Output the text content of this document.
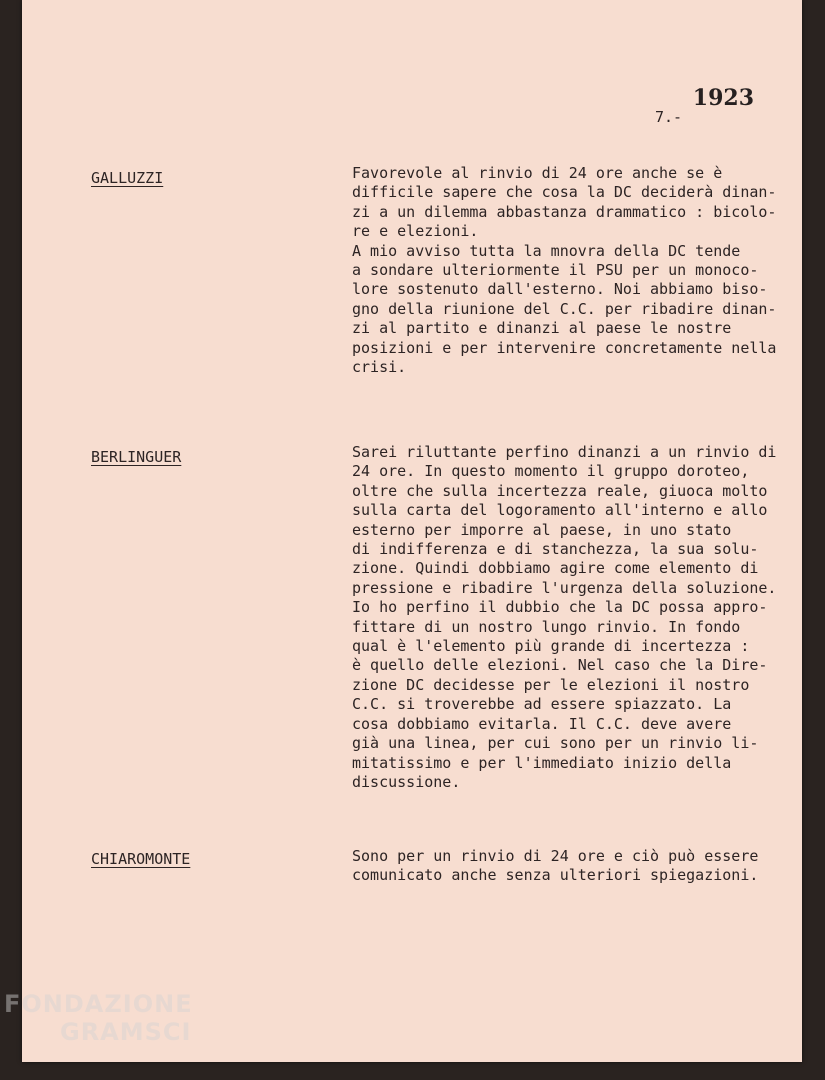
1923
7.-
GALLUZZI	Favorevole al rinvio di 24 ore anche se è
difficile sapere che cosa la DC deciderà dinan-
zi a un dilemma abbastanza drammatico : bicolo-
re e elezioni.
A mio avviso tutta la mnovra della DC tende
a sondare ulteriormente il PSU per un monoco-
lore sostenuto dall'esterno. Noi abbiamo biso-
gno della riunione del C.C. per ribadire dinan-
zi al partito e dinanzi al paese le nostre
posizioni e per intervenire concretamente nella
crisi.
BERLINGUER	Sarei riluttante perfino dinanzi a un rinvio di
24 ore. In questo momento il gruppo doroteo,
oltre che sulla incertezza reale, giuoca molto
sulla carta del logoramento all'interno e allo
esterno per imporre al paese, in uno stato
di indifferenza e di stanchezza, la sua solu-
zione. Quindi dobbiamo agire come elemento di
pressione e ribadire l'urgenza della soluzione.
Io ho perfino il dubbio che la DC possa appro-
fittare di un nostro lungo rinvio. In fondo
qual è l'elemento più grande di incertezza :
è quello delle elezioni. Nel caso che la Dire-
zione DC decidesse per le elezioni il nostro
C.C. si troverebbe ad essere spiazzato. La
cosa dobbiamo evitarla. Il C.C. deve avere
già una linea, per cui sono per un rinvio li-
mitatissimo e per l'immediato inizio della
discussione.
CHIAROMONTE	Sono per un rinvio di 24 ore e ciò può essere
comunicato anche senza ulteriori spiegazioni.
FONDAZIONE
GRAMSCI
